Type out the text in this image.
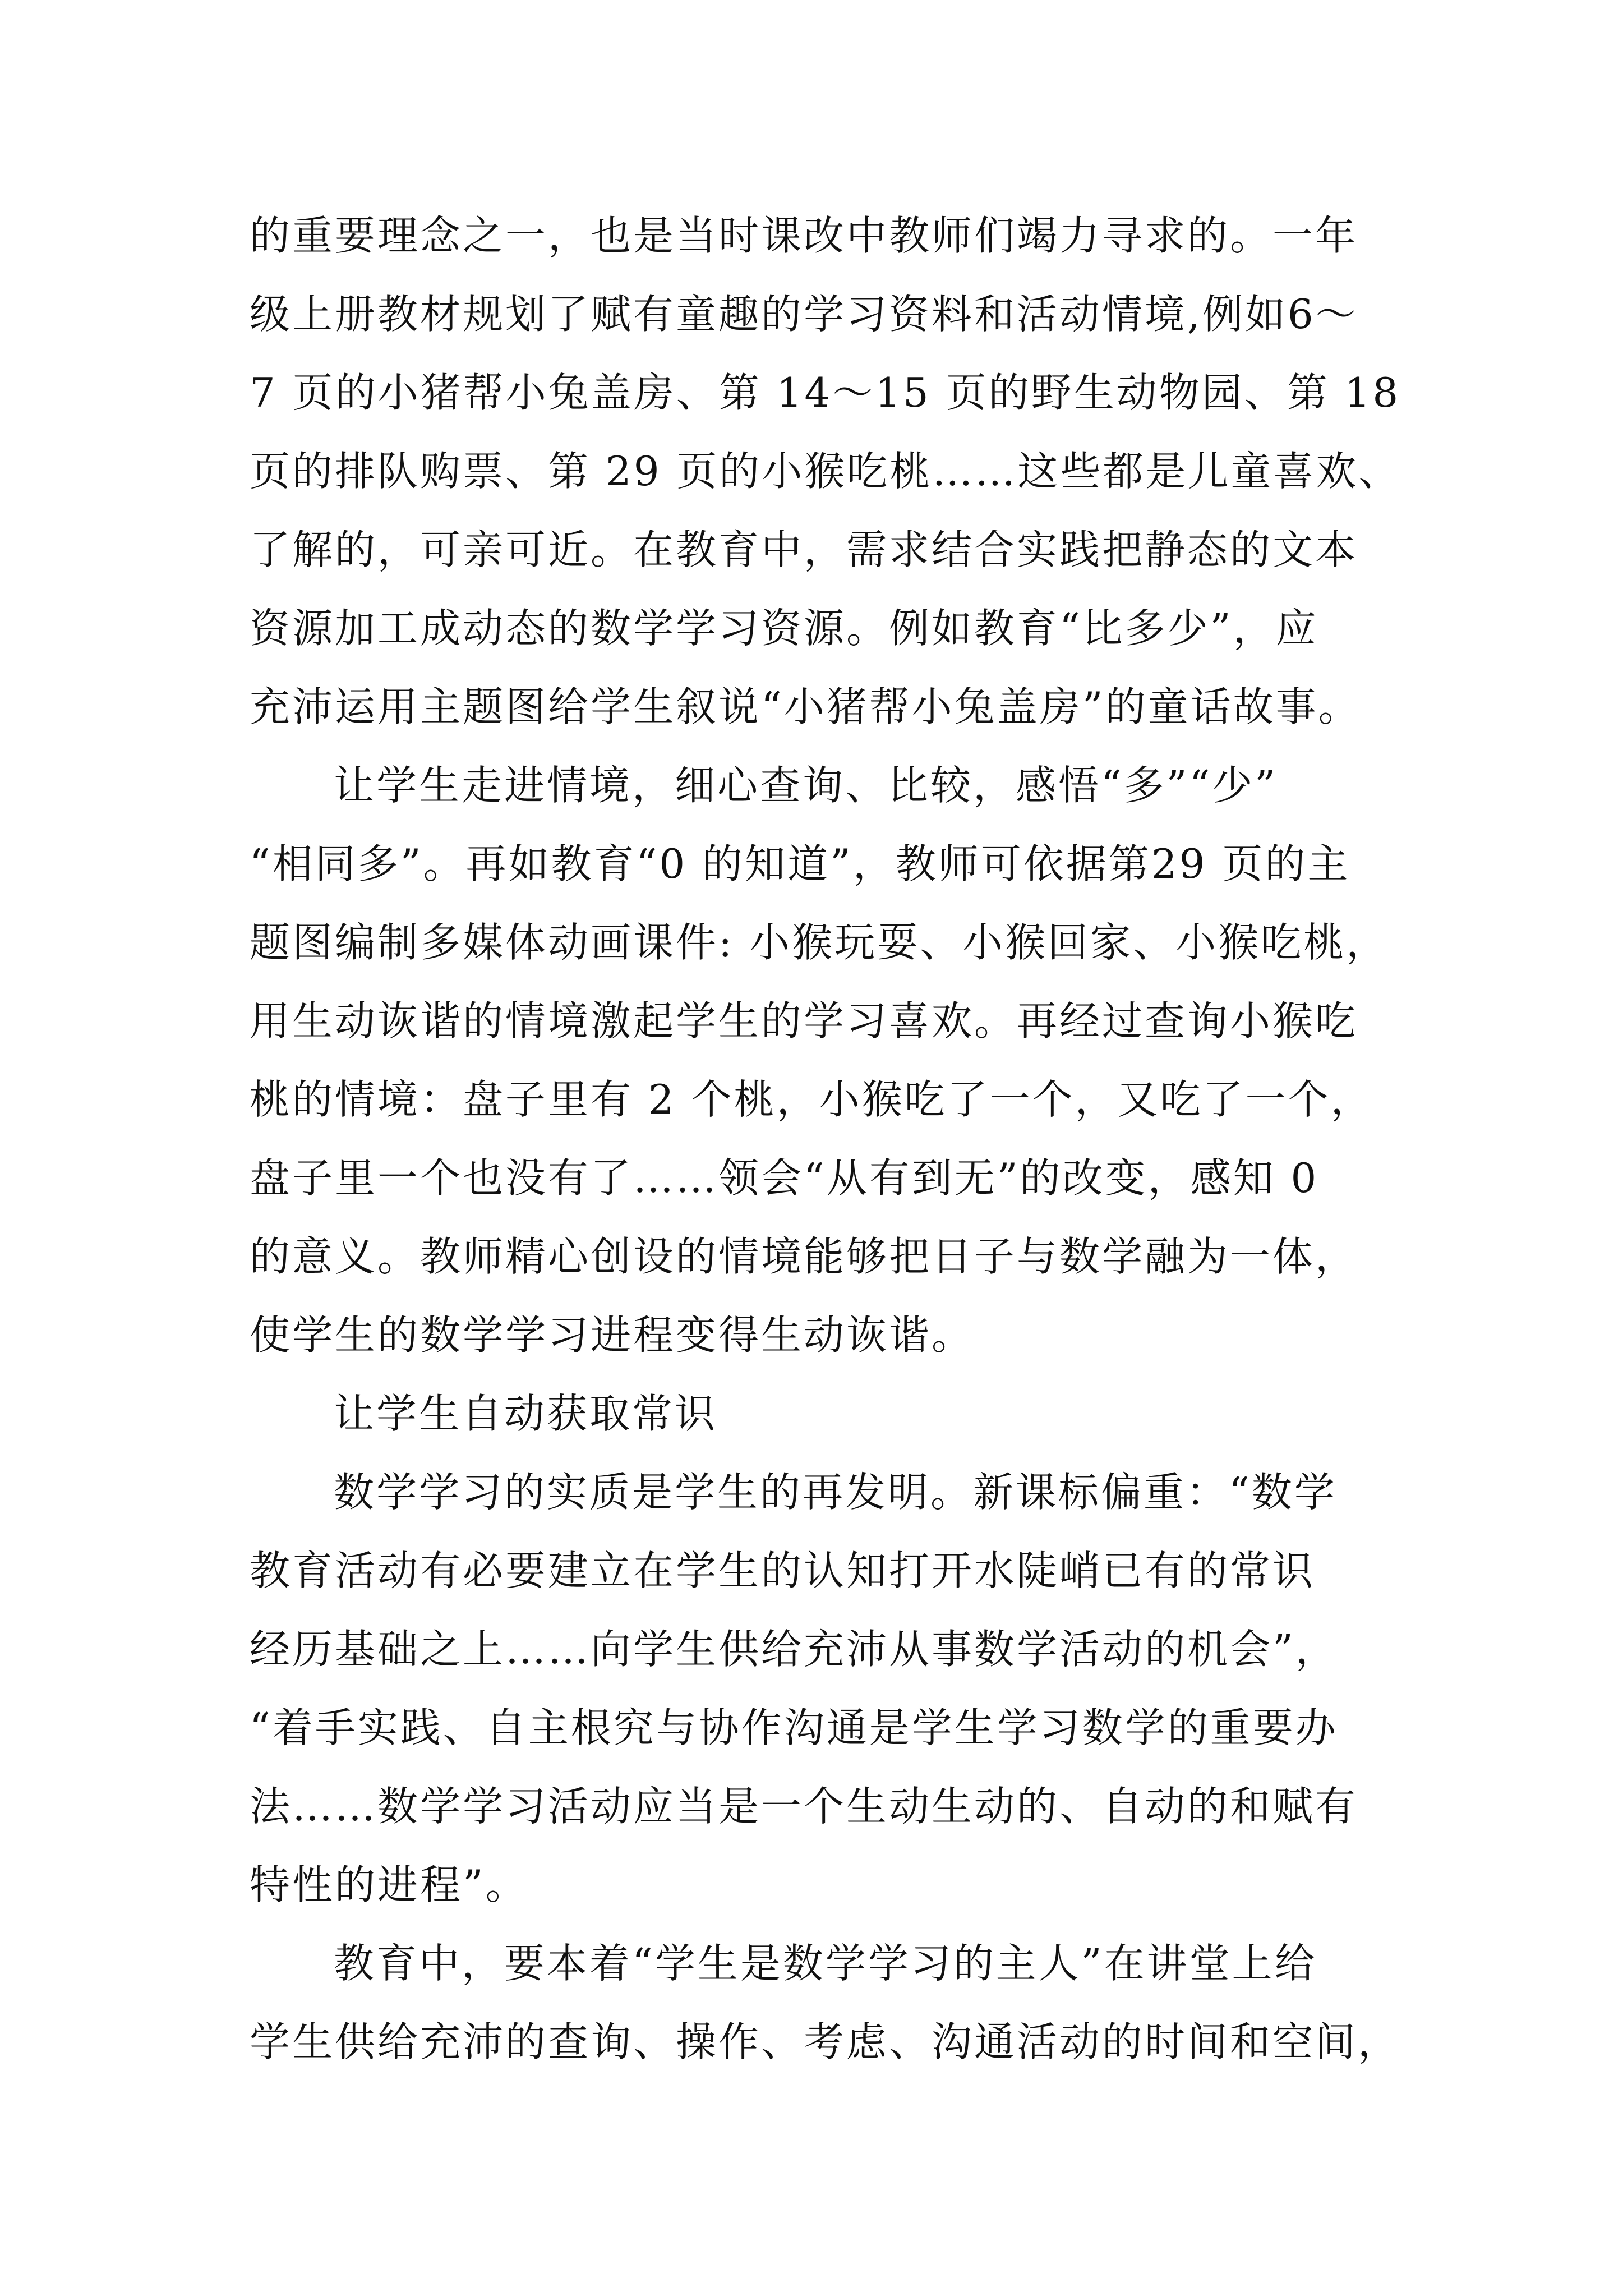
的重要理念之一，也是当时课改中教师们竭力寻求的。一年
级上册教材规划了赋有童趣的学习资料和活动情境,例如6～
7 页的小猪帮小兔盖房、第 14～15 页的野生动物园、第 18
页的排队购票、第 29 页的小猴吃桃……这些都是儿童喜欢、
了解的，可亲可近。在教育中，需求结合实践把静态的文本
资源加工成动态的数学学习资源。例如教育“比多少”，应
充沛运用主题图给学生叙说“小猪帮小兔盖房”的童话故事。
让学生走进情境，细心查询、比较，感悟“多”“少”
“相同多”。再如教育“0 的知道”，教师可依据第29 页的主
题图编制多媒体动画课件: 小猴玩耍、小猴回家、小猴吃桃，
用生动诙谐的情境激起学生的学习喜欢。再经过查询小猴吃
桃的情境：盘子里有 2 个桃，小猴吃了一个，又吃了一个，
盘子里一个也没有了……领会“从有到无”的改变，感知 0
的意义。教师精心创设的情境能够把日子与数学融为一体，
使学生的数学学习进程变得生动诙谐。
让学生自动获取常识
数学学习的实质是学生的再发明。新课标偏重：“数学
教育活动有必要建立在学生的认知打开水陡峭已有的常识
经历基础之上……向学生供给充沛从事数学活动的机会”，
“着手实践、自主根究与协作沟通是学生学习数学的重要办
法……数学学习活动应当是一个生动生动的、自动的和赋有
特性的进程”。
教育中，要本着“学生是数学学习的主人”在讲堂上给
学生供给充沛的查询、操作、考虑、沟通活动的时间和空间，
